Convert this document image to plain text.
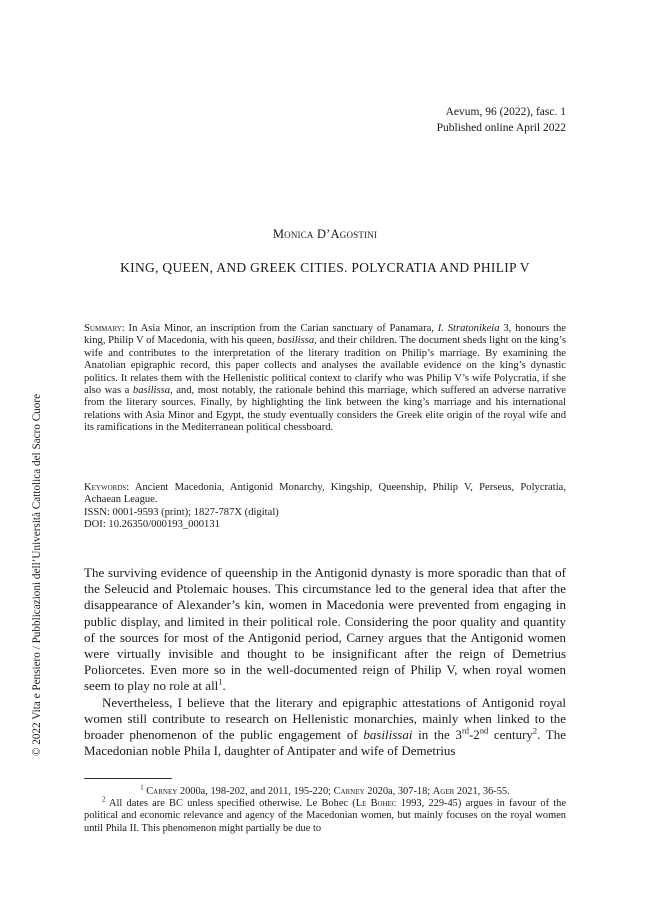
Aevum, 96 (2022), fasc. 1
Published online April 2022
Monica D’Agostini
KING, QUEEN, AND GREEK CITIES. POLYCRATIA AND PHILIP V
Summary: In Asia Minor, an inscription from the Carian sanctuary of Panamara, I. Stratonikeia 3, honours the king, Philip V of Macedonia, with his queen, basilissa, and their children. The document sheds light on the king’s wife and contributes to the interpretation of the literary tradition on Philip’s marriage. By examining the Anatolian epigraphic record, this paper collects and analyses the available evidence on the king’s dynastic politics. It relates them with the Hellenistic political context to clarify who was Philip V’s wife Polycratia, if she also was a basilissa, and, most notably, the rationale behind this marriage, which suffered an adverse narrative from the literary sources. Finally, by highlighting the link between the king’s marriage and his international relations with Asia Minor and Egypt, the study eventually considers the Greek elite origin of the royal wife and its ramifications in the Mediterranean political chessboard.
Keywords: Ancient Macedonia, Antigonid Monarchy, Kingship, Queenship, Philip V, Perseus, Polycratia, Achaean League.
ISSN: 0001-9593 (print); 1827-787X (digital)
DOI: 10.26350/000193_000131

The surviving evidence of queenship in the Antigonid dynasty is more sporadic than that of the Seleucid and Ptolemaic houses. This circumstance led to the general idea that after the disappearance of Alexander’s kin, women in Macedonia were prevented from engaging in public display, and limited in their political role. Considering the poor quality and quantity of the sources for most of the Antigonid period, Carney argues that the Antigonid women were virtually invisible and thought to be insignificant after the reign of Demetrius Poliorcetes. Even more so in the well-documented reign of Philip V, when royal women seem to play no role at all$^1$.

Nevertheless, I believe that the literary and epigraphic attestations of Antigonid royal women still contribute to research on Hellenistic monarchies, mainly when linked to the broader phenomenon of the public engagement of basilissai in the 3rd-2nd century$^2$. The Macedonian noble Phila I, daughter of Antipater and wife of Demetrius

$^1$ Carney 2000a, 198-202, and 2011, 195-220; Carney 2020a, 307-18; Ager 2021, 36-55.

$^2$ All dates are BC unless specified otherwise. Le Bohec (Le Bohec 1993, 229-45) argues in favour of the political and economic relevance and agency of the Macedonian women, but mainly focuses on the royal women until Phila II. This phenomenon might partially be due to

© 2022 Vita e Pensiero / Pubblicazioni dell’Università Cattolica del Sacro Cuore
